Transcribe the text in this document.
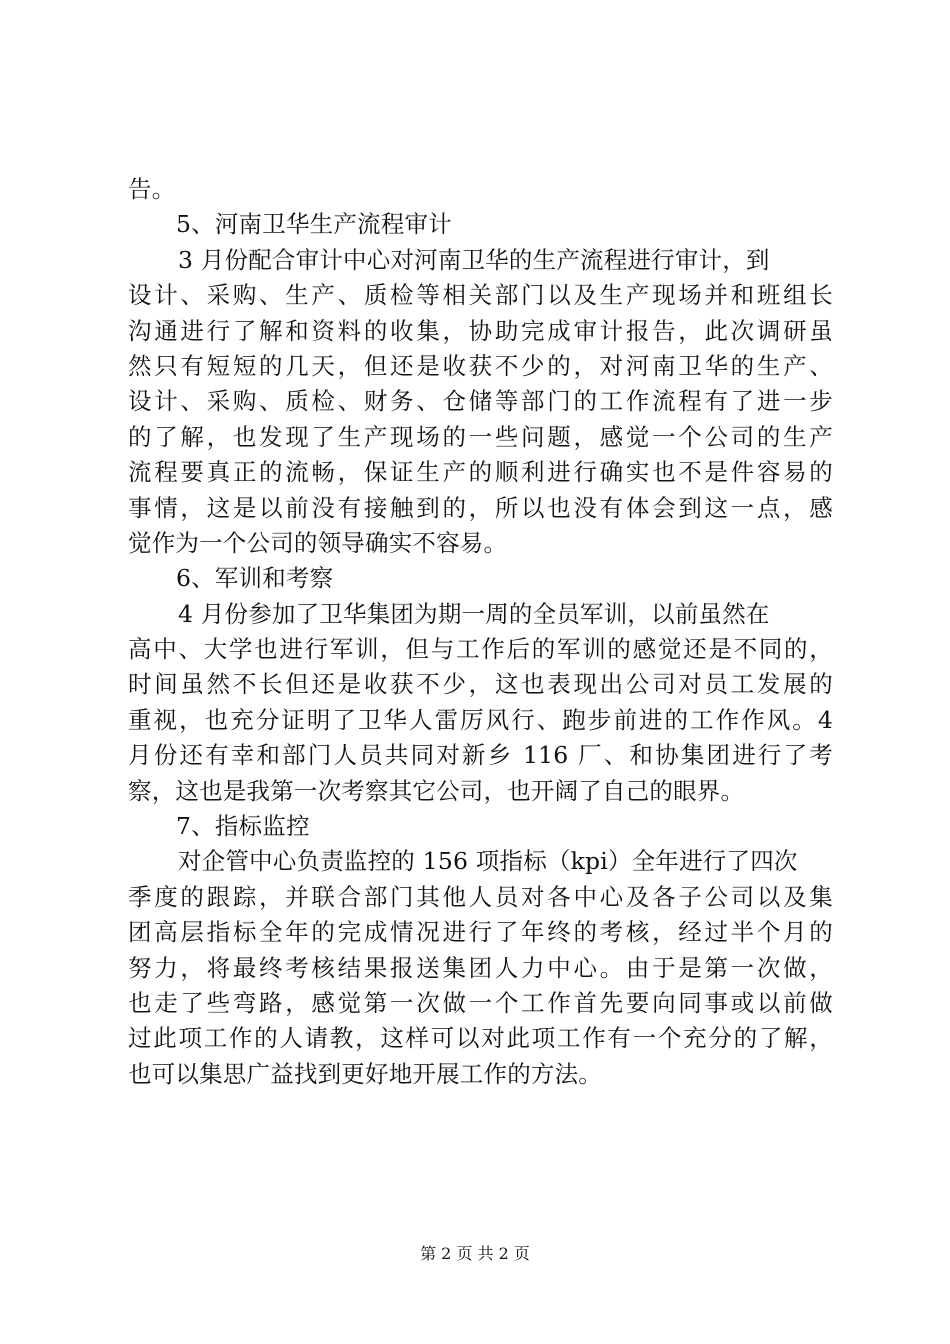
告。
5、河南卫华生产流程审计
3 月份配合审计中心对河南卫华的生产流程进行审计，到
设计、采购、生产、质检等相关部门以及生产现场并和班组长
沟通进行了解和资料的收集，协助完成审计报告，此次调研虽
然只有短短的几天，但还是收获不少的，对河南卫华的生产、
设计、采购、质检、财务、仓储等部门的工作流程有了进一步
的了解，也发现了生产现场的一些问题，感觉一个公司的生产
流程要真正的流畅，保证生产的顺利进行确实也不是件容易的
事情，这是以前没有接触到的，所以也没有体会到这一点，感
觉作为一个公司的领导确实不容易。
6、军训和考察
4 月份参加了卫华集团为期一周的全员军训，以前虽然在
高中、大学也进行军训，但与工作后的军训的感觉还是不同的，
时间虽然不长但还是收获不少，这也表现出公司对员工发展的
重视，也充分证明了卫华人雷厉风行、跑步前进的工作作风。4
月份还有幸和部门人员共同对新乡 116 厂、和协集团进行了考
察，这也是我第一次考察其它公司，也开阔了自己的眼界。
7、指标监控
对企管中心负责监控的 156 项指标（kpi）全年进行了四次
季度的跟踪，并联合部门其他人员对各中心及各子公司以及集
团高层指标全年的完成情况进行了年终的考核，经过半个月的
努力，将最终考核结果报送集团人力中心。由于是第一次做，
也走了些弯路，感觉第一次做一个工作首先要向同事或以前做
过此项工作的人请教，这样可以对此项工作有一个充分的了解，
也可以集思广益找到更好地开展工作的方法。
第 2 页 共 2 页
